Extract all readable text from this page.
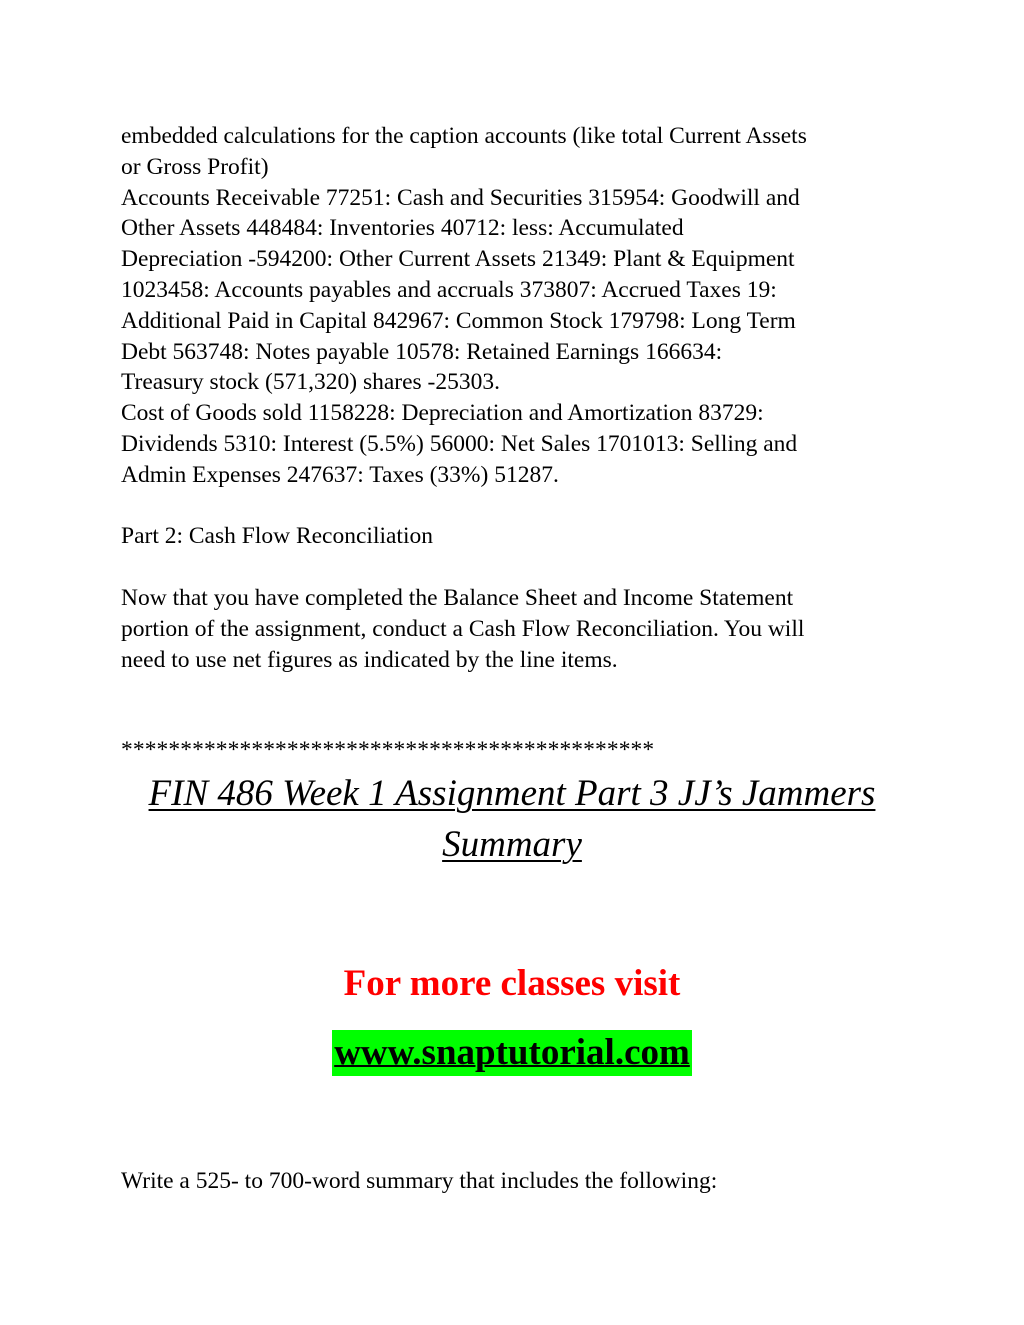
embedded calculations for the caption accounts (like total Current Assets
or Gross Profit)
Accounts Receivable 77251: Cash and Securities 315954: Goodwill and
Other Assets 448484: Inventories 40712: less: Accumulated
Depreciation -594200: Other Current Assets 21349: Plant & Equipment
1023458: Accounts payables and accruals 373807: Accrued Taxes 19:
Additional Paid in Capital 842967: Common Stock 179798: Long Term
Debt 563748: Notes payable 10578: Retained Earnings 166634:
Treasury stock (571,320) shares -25303.
Cost of Goods sold 1158228: Depreciation and Amortization 83729:
Dividends 5310: Interest (5.5%) 56000: Net Sales 1701013: Selling and
Admin Expenses 247637: Taxes (33%) 51287.
Part 2: Cash Flow Reconciliation
Now that you have completed the Balance Sheet and Income Statement
portion of the assignment, conduct a Cash Flow Reconciliation. You will
need to use net figures as indicated by the line items.
*********************************************
FIN 486 Week 1 Assignment Part 3 JJ’s Jammers
Summary
For more classes visit
www.snaptutorial.com
Write a 525- to 700-word summary that includes the following:
